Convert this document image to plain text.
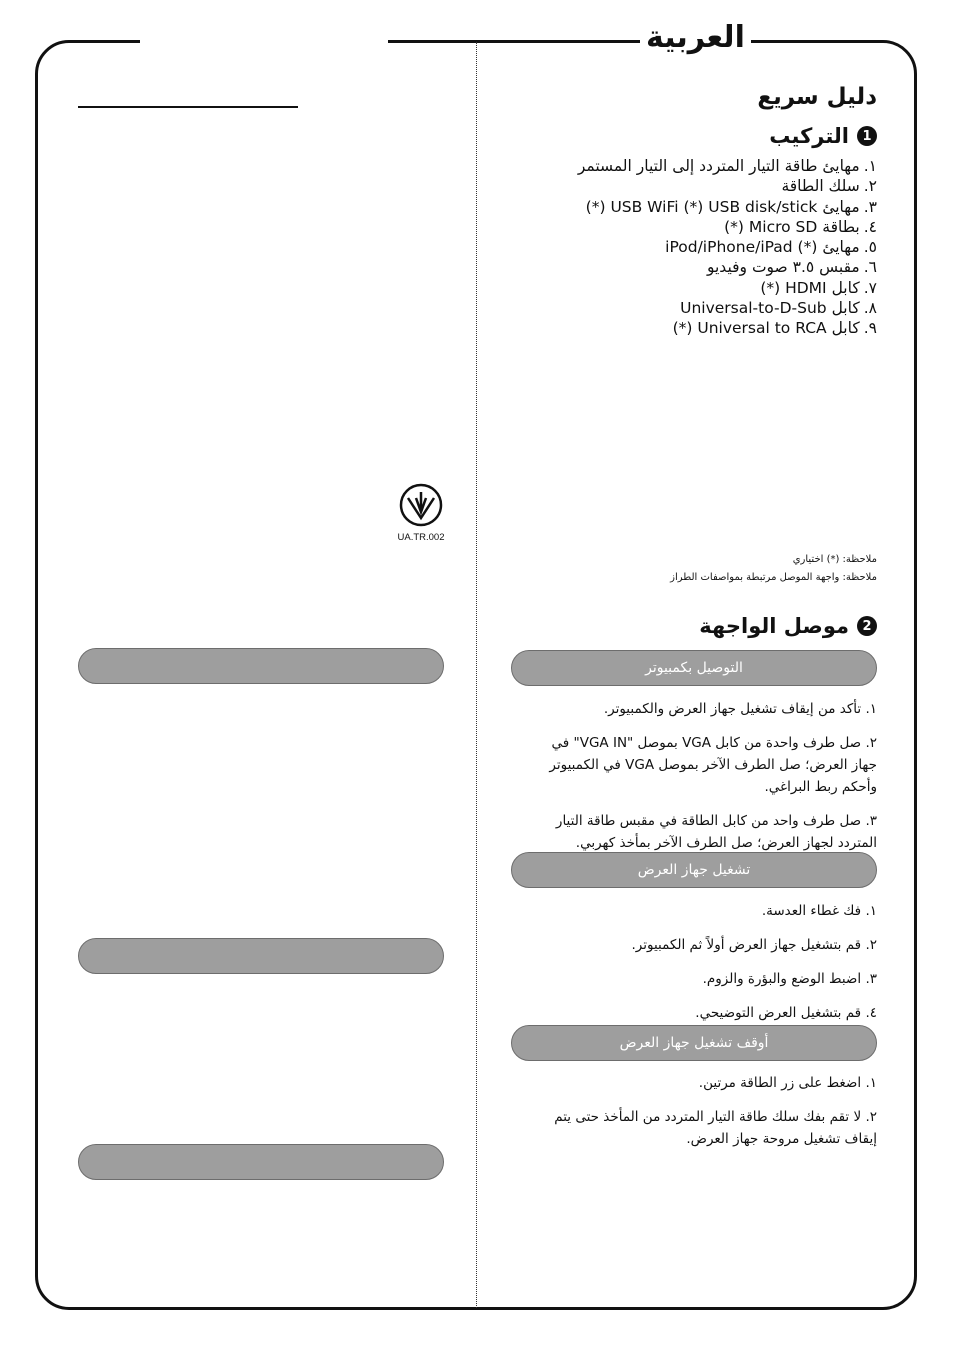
العربية
دليل سريع
1
التركيب
١.مهايئ طاقة التيار المتردد إلى التيار المستمر
٢.سلك الطاقة
٣.مهايئ USB WiFi (*) USB disk/stick (*)
٤.بطاقة Micro SD (*)
٥.مهايئ (*) iPod/iPhone/iPad
٦.مقبس ٣.٥ صوت وفيديو
٧.كابل HDMI (*)
٨.كابل Universal-to-D-Sub
٩.كابل Universal to RCA (*)
UA.TR.002
ملاحظة: (*) اختياري
ملاحظة: واجهة الموصل مرتبطة بمواصفات الطراز
2
موصل الواجهة
التوصيل بكمبيوتر
١. تأكد من إيقاف تشغيل جهاز العرض والكمبيوتر.
٢. صل طرف واحدة من كابل VGA بموصل "VGA IN" في جهاز العرض؛ صل الطرف الآخر بموصل VGA في الكمبيوتر وأحكم ربط البراغي.
٣. صل طرف واحد من كابل الطاقة في مقبس طاقة التيار المتردد لجهاز العرض؛ صل الطرف الآخر بمأخذ كهربي.
تشغيل جهاز العرض
١. فك غطاء العدسة.
٢. قم بتشغيل جهاز العرض أولاً ثم الكمبيوتر.
٣. اضبط الوضع والبؤرة والزوم.
٤. قم بتشغيل العرض التوضيحي.
أوقف تشغيل جهاز العرض
١. اضغط على زر الطاقة مرتين.
٢. لا تقم بفك سلك طاقة التيار المتردد من المأخذ حتى يتم إيقاف تشغيل مروحة جهاز العرض.
